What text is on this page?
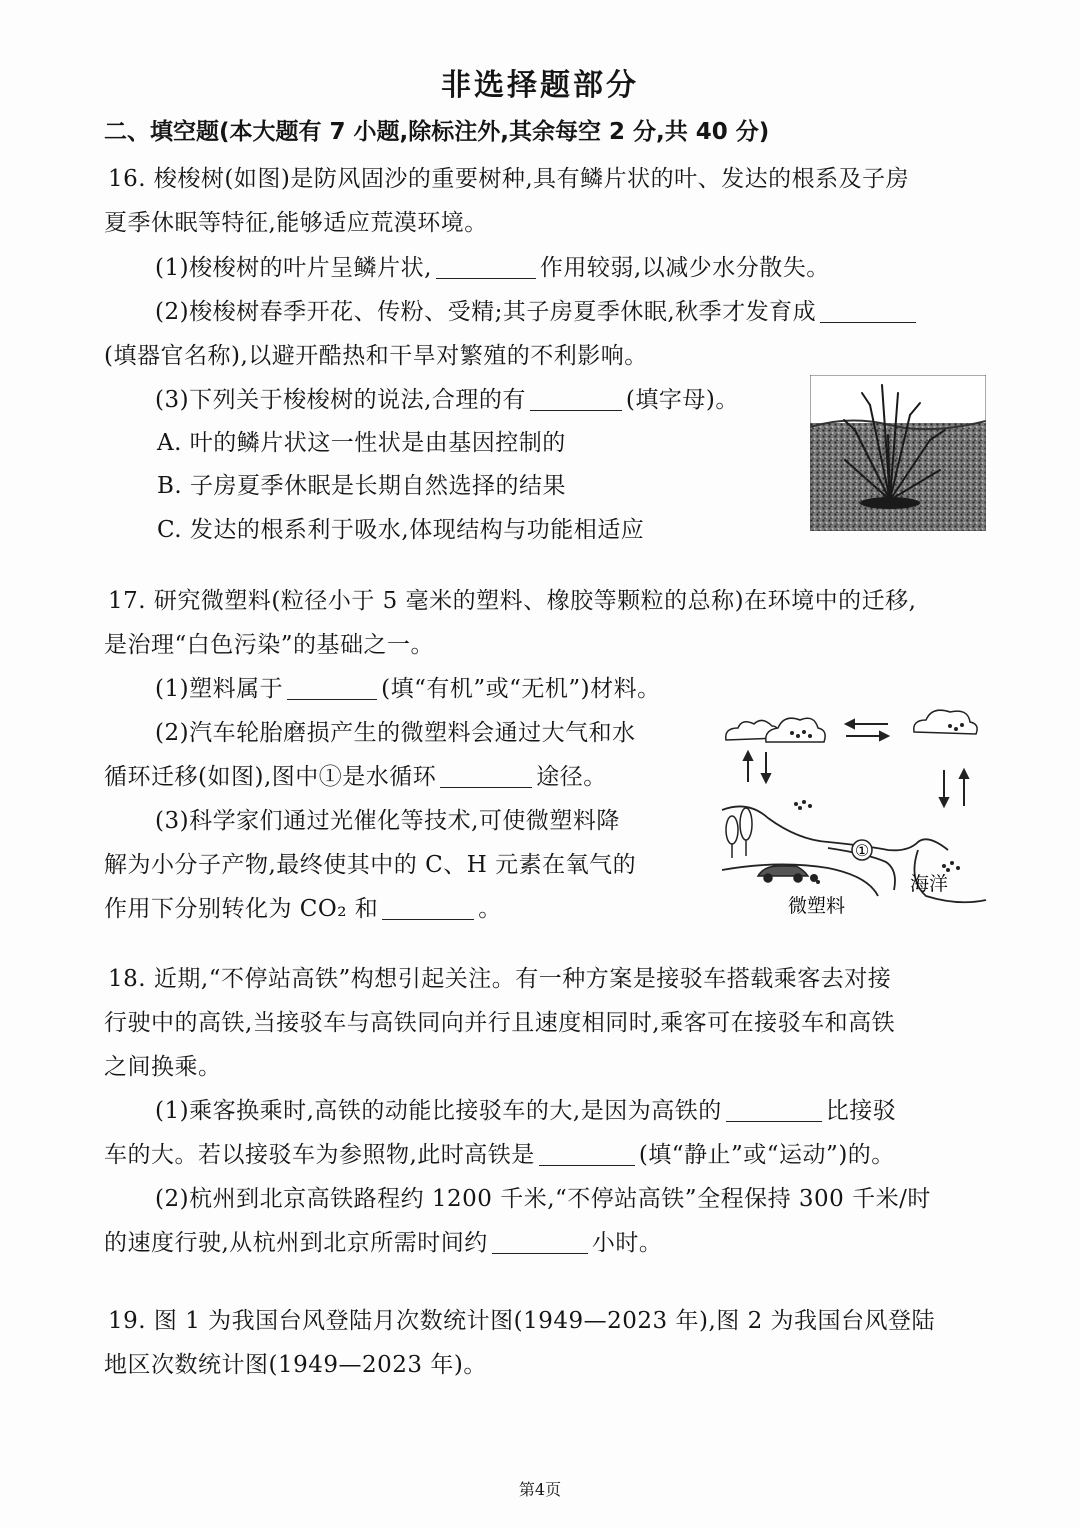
非选择题部分
二、填空题(本大题有 7 小题,除标注外,其余每空 2 分,共 40 分)
16. 梭梭树(如图)是防风固沙的重要树种,具有鳞片状的叶、发达的根系及子房
夏季休眠等特征,能够适应荒漠环境。
(1)梭梭树的叶片呈鳞片状,	作用较弱,以减少水分散失。
(2)梭梭树春季开花、传粉、受精;其子房夏季休眠,秋季才发育成
(填器官名称),以避开酷热和干旱对繁殖的不利影响。
(3)下列关于梭梭树的说法,合理的有	(填字母)。
A. 叶的鳞片状这一性状是由基因控制的
B. 子房夏季休眠是长期自然选择的结果
C. 发达的根系利于吸水,体现结构与功能相适应
17. 研究微塑料(粒径小于 5 毫米的塑料、橡胶等颗粒的总称)在环境中的迁移,
是治理“白色污染”的基础之一。
(1)塑料属于	(填“有机”或“无机”)材料。
(2)汽车轮胎磨损产生的微塑料会通过大气和水
循环迁移(如图),图中①是水循环	途径。
(3)科学家们通过光催化等技术,可使微塑料降
解为小分子产物,最终使其中的 C、H 元素在氧气的
作用下分别转化为 CO₂ 和	。
①
海洋
微塑料
18. 近期,“不停站高铁”构想引起关注。有一种方案是接驳车搭载乘客去对接
行驶中的高铁,当接驳车与高铁同向并行且速度相同时,乘客可在接驳车和高铁
之间换乘。
(1)乘客换乘时,高铁的动能比接驳车的大,是因为高铁的	比接驳
车的大。若以接驳车为参照物,此时高铁是	(填“静止”或“运动”)的。
(2)杭州到北京高铁路程约 1200 千米,“不停站高铁”全程保持 300 千米/时
的速度行驶,从杭州到北京所需时间约	小时。
19. 图 1 为我国台风登陆月次数统计图(1949—2023 年),图 2 为我国台风登陆
地区次数统计图(1949—2023 年)。
第4页
